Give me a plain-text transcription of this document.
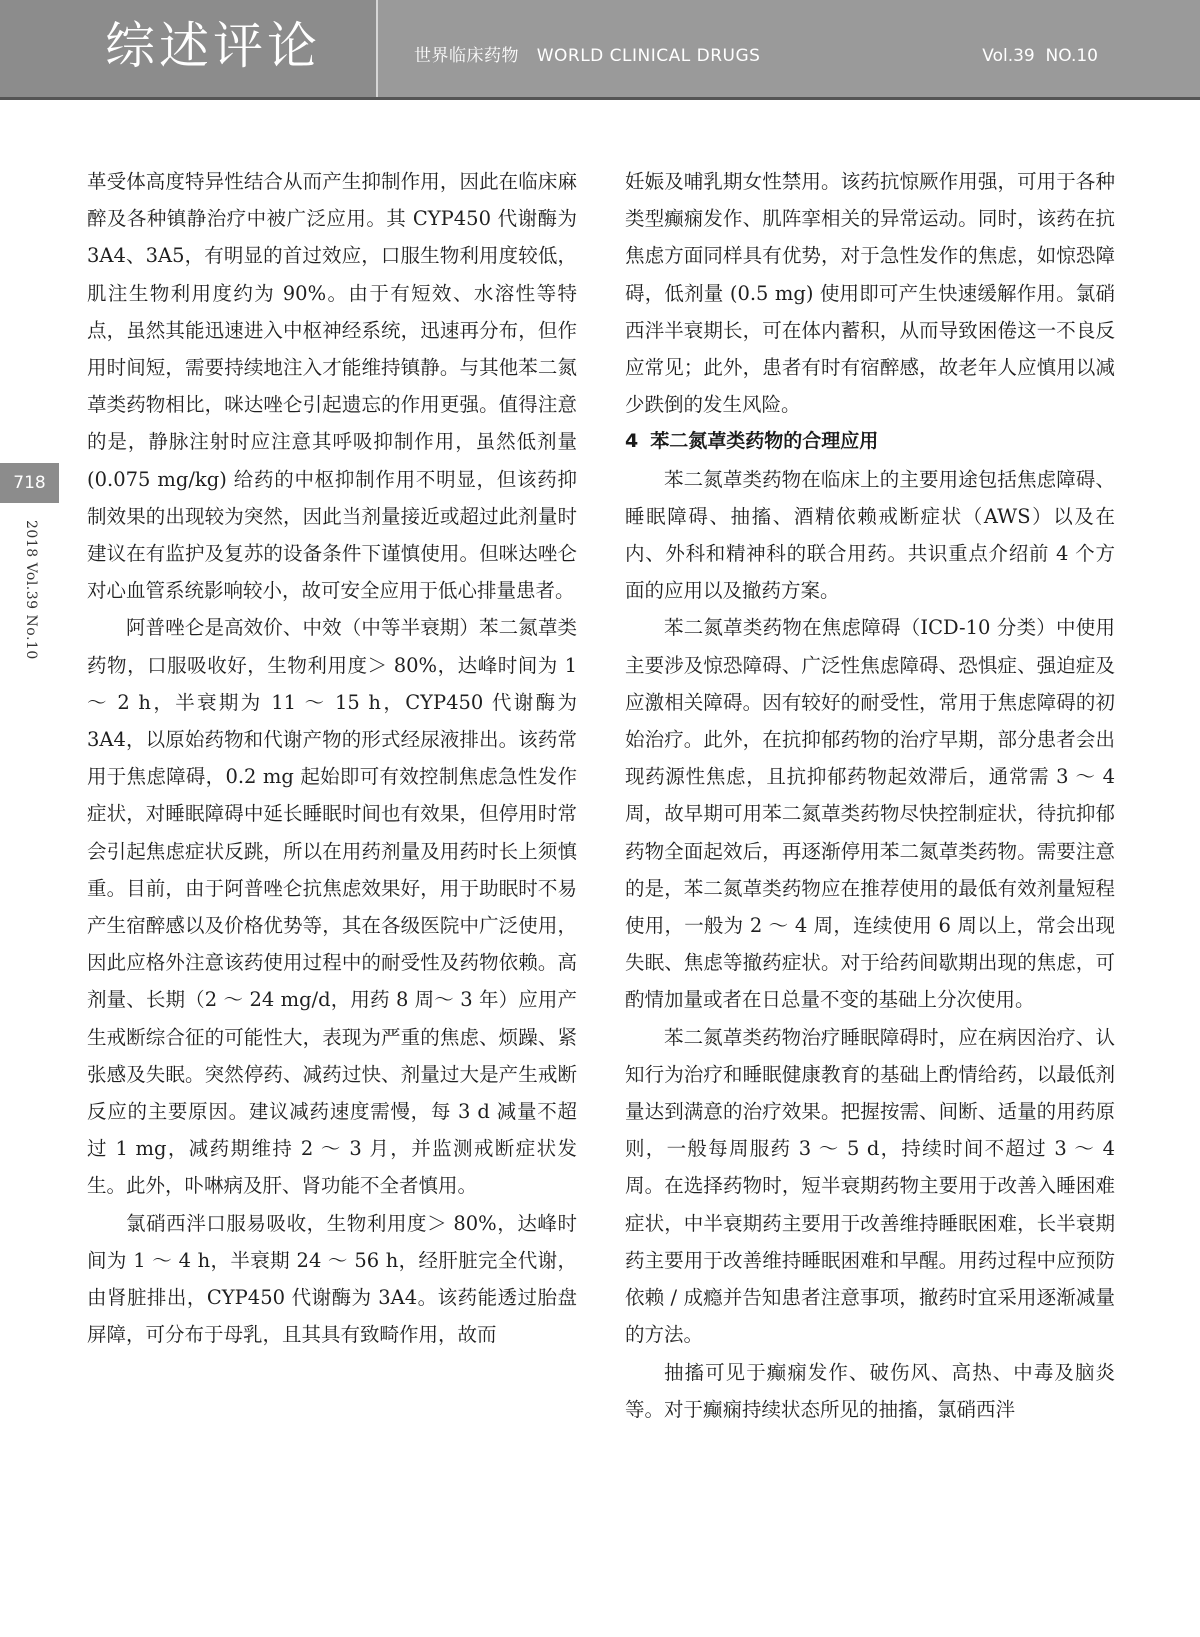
综述评论	世界临床药物   WORLD CLINICAL DRUGS	Vol.39  NO.10
718
2018 Vol.39 No.10

革受体高度特异性结合从而产生抑制作用，因此在临床麻醉及各种镇静治疗中被广泛应用。其 CYP450 代谢酶为 3A4、3A5，有明显的首过效应，口服生物利用度较低，肌注生物利用度约为 90%。由于有短效、水溶性等特点，虽然其能迅速进入中枢神经系统，迅速再分布，但作用时间短，需要持续地注入才能维持镇静。与其他苯二氮䓬类药物相比，咪达唑仑引起遗忘的作用更强。值得注意的是，静脉注射时应注意其呼吸抑制作用，虽然低剂量 (0.075 mg/kg) 给药的中枢抑制作用不明显，但该药抑制效果的出现较为突然，因此当剂量接近或超过此剂量时建议在有监护及复苏的设备条件下谨慎使用。但咪达唑仑对心血管系统影响较小，故可安全应用于低心排量患者。

阿普唑仑是高效价、中效（中等半衰期）苯二氮䓬类药物，口服吸收好，生物利用度＞ 80%，达峰时间为 1 ～ 2 h，半衰期为 11 ～ 15 h，CYP450 代谢酶为 3A4，以原始药物和代谢产物的形式经尿液排出。该药常用于焦虑障碍，0.2 mg 起始即可有效控制焦虑急性发作症状，对睡眠障碍中延长睡眠时间也有效果，但停用时常会引起焦虑症状反跳，所以在用药剂量及用药时长上须慎重。目前，由于阿普唑仑抗焦虑效果好，用于助眠时不易产生宿醉感以及价格优势等，其在各级医院中广泛使用，因此应格外注意该药使用过程中的耐受性及药物依赖。高剂量、长期（2 ～ 24 mg/d，用药 8 周～ 3 年）应用产生戒断综合征的可能性大，表现为严重的焦虑、烦躁、紧张感及失眠。突然停药、减药过快、剂量过大是产生戒断反应的主要原因。建议减药速度需慢，每 3 d 减量不超过 1 mg，减药期维持 2 ～ 3 月，并监测戒断症状发生。此外，卟啉病及肝、肾功能不全者慎用。

氯硝西泮口服易吸收，生物利用度＞ 80%，达峰时间为 1 ～ 4 h，半衰期 24 ～ 56 h，经肝脏完全代谢，由肾脏排出，CYP450 代谢酶为 3A4。该药能透过胎盘屏障，可分布于母乳，且其具有致畸作用，故而

妊娠及哺乳期女性禁用。该药抗惊厥作用强，可用于各种类型癫痫发作、肌阵挛相关的异常运动。同时，该药在抗焦虑方面同样具有优势，对于急性发作的焦虑，如惊恐障碍，低剂量 (0.5 mg) 使用即可产生快速缓解作用。氯硝西泮半衰期长，可在体内蓄积，从而导致困倦这一不良反应常见；此外，患者有时有宿醉感，故老年人应慎用以减少跌倒的发生风险。

4 苯二氮䓬类药物的合理应用

苯二氮䓬类药物在临床上的主要用途包括焦虑障碍、睡眠障碍、抽搐、酒精依赖戒断症状（AWS）以及在内、外科和精神科的联合用药。共识重点介绍前 4 个方面的应用以及撤药方案。

苯二氮䓬类药物在焦虑障碍（ICD-10 分类）中使用主要涉及惊恐障碍、广泛性焦虑障碍、恐惧症、强迫症及应激相关障碍。因有较好的耐受性，常用于焦虑障碍的初始治疗。此外，在抗抑郁药物的治疗早期，部分患者会出现药源性焦虑，且抗抑郁药物起效滞后，通常需 3 ～ 4 周，故早期可用苯二氮䓬类药物尽快控制症状，待抗抑郁药物全面起效后，再逐渐停用苯二氮䓬类药物。需要注意的是，苯二氮䓬类药物应在推荐使用的最低有效剂量短程使用，一般为 2 ～ 4 周，连续使用 6 周以上，常会出现失眠、焦虑等撤药症状。对于给药间歇期出现的焦虑，可酌情加量或者在日总量不变的基础上分次使用。

苯二氮䓬类药物治疗睡眠障碍时，应在病因治疗、认知行为治疗和睡眠健康教育的基础上酌情给药，以最低剂量达到满意的治疗效果。把握按需、间断、适量的用药原则，一般每周服药 3 ～ 5 d，持续时间不超过 3 ～ 4 周。在选择药物时，短半衰期药物主要用于改善入睡困难症状，中半衰期药主要用于改善维持睡眠困难，长半衰期药主要用于改善维持睡眠困难和早醒。用药过程中应预防依赖 / 成瘾并告知患者注意事项，撤药时宜采用逐渐减量的方法。

抽搐可见于癫痫发作、破伤风、高热、中毒及脑炎等。对于癫痫持续状态所见的抽搐，氯硝西泮
